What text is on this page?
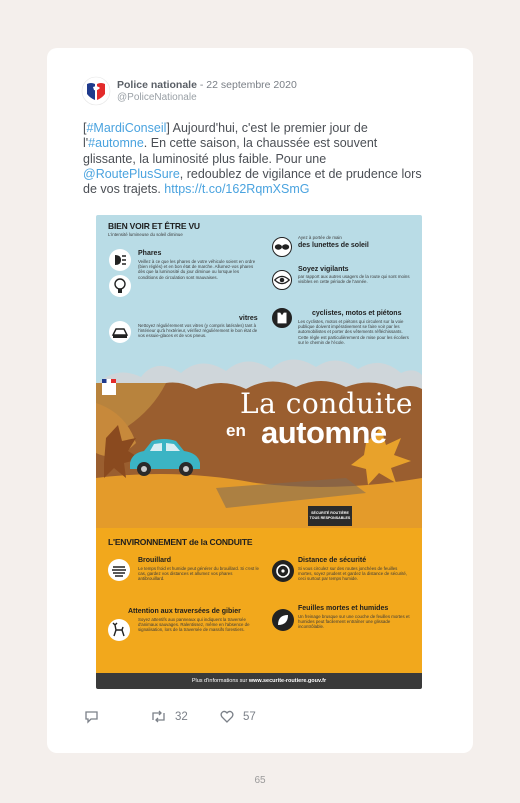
Police nationale - 22 septembre 2020
@PoliceNationale
[#MardiConseil] Aujourd'hui, c'est le premier jour de l'#automne. En cette saison, la chaussée est souvent glissante, la luminosité plus faible. Pour une @RoutePlusSure, redoublez de vigilance et de prudence lors de vos trajets. https://t.co/162RqmXSmG
BIEN VOIR ET ÊTRE VU
L'intensité lumineuse du soleil diminue
Phares
Veillez à ce que les phares de votre véhicule soient en ordre (bien réglés) et en bon état de marche. Allumez-vos phares dès que la luminosité du jour diminue ou lorsque les conditions de circulation sont mauvaises.
vitres
Nettoyez régulièrement vos vitres (y compris latérales) tant à l'intérieur qu'à l'extérieur, vérifiez régulièrement le bon état de vos essuie-glaces et de vos pneus.
Ayez à portée de main
des lunettes de soleil
Soyez vigilants
par rapport aux autres usagers de la route qui sont moins visibles en cette période de l'année.
cyclistes, motos et piétons
Les cyclistes, motos et piétons qui circulent sur la voie publique doivent impérativement se faire voir par les automobilistes et porter des vêtements réfléchissants. Cette règle est particulièrement de mise pour les écoliers sur le chemin de l'école.
La conduite
en automne
SÉCURITÉ ROUTIÈRE TOUS RESPONSABLES
L'ENVIRONNEMENT de la CONDUITE
Brouillard
Le temps froid et humide peut générer du brouillard. Si c'est le cas, gardez vos distances et allumez vos phares antibrouillard.
Attention aux traversées de gibier
Soyez attentifs aux panneaux qui indiquent la traversée d'animaux sauvages. Ralentissez, même en l'absence de signalisation, lors de la traversée de massifs forestiers.
Distance de sécurité
Si vous circulez sur des routes jonchées de feuilles mortes, soyez prudent et gardez la distance de sécurité, ceci surtout par temps humide.
Feuilles mortes et humides
Un freinage brusque sur une couche de feuilles mortes et humides peut facilement entraîner une glissade incontrôlable.
Plus d'informations sur www.securite-routiere.gouv.fr
32	57
65
